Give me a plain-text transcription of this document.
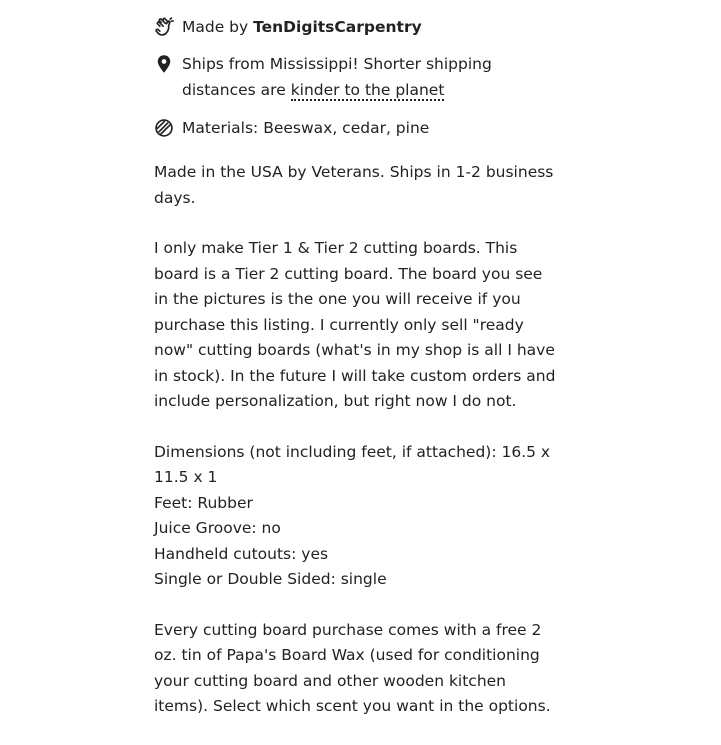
Made by TenDigitsCarpentry
Ships from Mississippi! Shorter shipping distances are kinder to the planet
Materials: Beeswax, cedar, pine

Made in the USA by Veterans. Ships in 1-2 business days.

I only make Tier 1 & Tier 2 cutting boards. This board is a Tier 2 cutting board. The board you see in the pictures is the one you will receive if you purchase this listing. I currently only sell "ready now" cutting boards (what's in my shop is all I have in stock). In the future I will take custom orders and include personalization, but right now I do not.

Dimensions (not including feet, if attached): 16.5 x 11.5 x 1

Feet: Rubber

Juice Groove: no

Handheld cutouts: yes

Single or Double Sided: single

Every cutting board purchase comes with a free 2 oz. tin of Papa's Board Wax (used for conditioning your cutting board and other wooden kitchen items). Select which scent you want in the options.
